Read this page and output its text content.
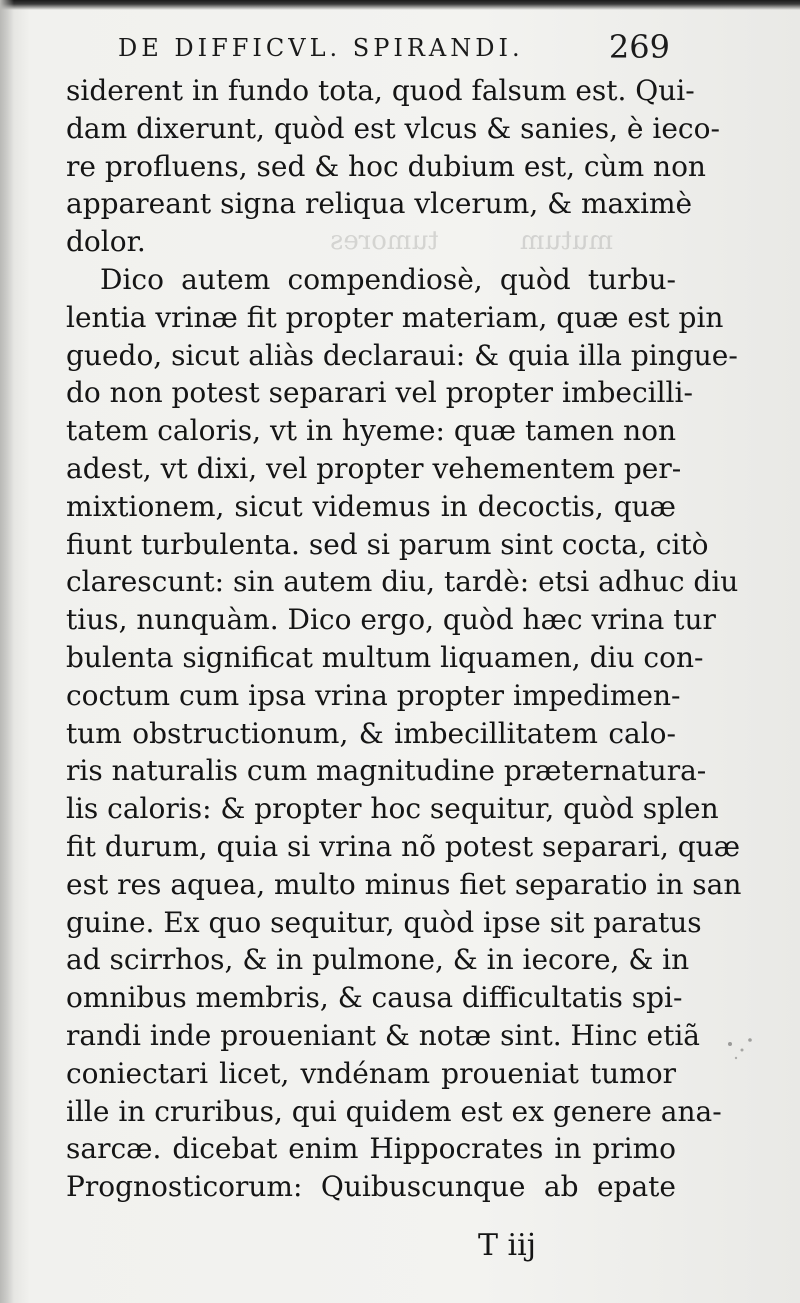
tumores	mutum
DE DIFFICVL. SPIRANDI.	269
siderent in fundo tota, quod falsum est. Qui-
dam dixerunt, quòd est vlcus & sanies, è ieco-
re profluens, sed & hoc dubium est, cùm non
appareant signa reliqua vlcerum, & maximè
dolor.
Dico autem compendiosè, quòd turbu-
lentia vrinæ fit propter materiam, quæ est pin
guedo, sicut aliàs declaraui: & quia illa pingue-
do non potest separari vel propter imbecilli-
tatem caloris, vt in hyeme: quæ tamen non
adest, vt dixi, vel propter vehementem per-
mixtionem, sicut videmus in decoctis, quæ
fiunt turbulenta. sed si parum sint cocta, citò
clarescunt: sin autem diu, tardè: etsi adhuc diu
tius, nunquàm. Dico ergo, quòd hæc vrina tur
bulenta significat multum liquamen, diu con-
coctum cum ipsa vrina propter impedimen-
tum obstructionum, & imbecillitatem calo-
ris naturalis cum magnitudine præternatura-
lis caloris: & propter hoc sequitur, quòd splen
fit durum, quia si vrina nõ potest separari, quæ
est res aquea, multo minus fiet separatio in san
guine. Ex quo sequitur, quòd ipse sit paratus
ad scirrhos, & in pulmone, & in iecore, & in
omnibus membris, & causa difficultatis spi-
randi inde proueniant & notæ sint. Hinc etiã
coniectari licet, vndénam proueniat tumor
ille in cruribus, qui quidem est ex genere ana-
sarcæ. dicebat enim Hippocrates in primo
Prognosticorum: Quibuscunque ab epate
T iij
